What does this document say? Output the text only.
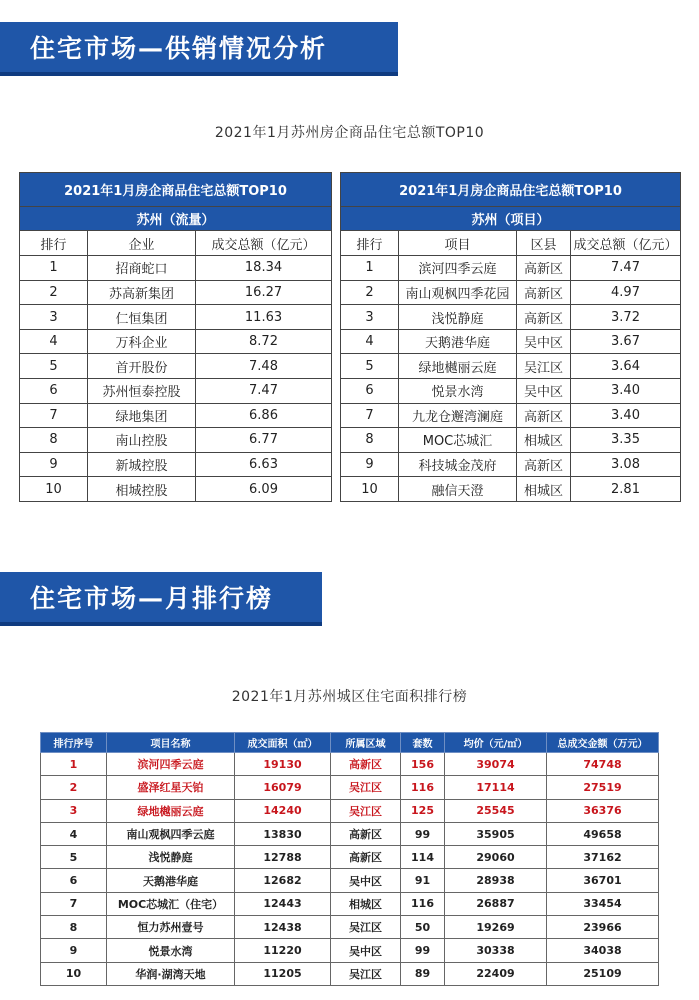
住宅市场—供销情况分析
2021年1月苏州房企商品住宅总额TOP10
2021年1月房企商品住宅总额TOP10		
苏州（流量）		
排行	企业	成交总额（亿元）
1	招商蛇口	18.34
2	苏高新集团	16.27
3	仁恒集团	11.63
4	万科企业	8.72
5	首开股份	7.48
6	苏州恒泰控股	7.47
7	绿地集团	6.86
8	南山控股	6.77
9	新城控股	6.63
10	相城控股	6.09
2021年1月房企商品住宅总额TOP10			
苏州（项目）			
排行	项目	区县	成交总额（亿元）
1	滨河四季云庭	高新区	7.47
2	南山观枫四季花园	高新区	4.97
3	浅悦静庭	高新区	3.72
4	天鹅港华庭	吴中区	3.67
5	绿地樾丽云庭	吴江区	3.64
6	悦景水湾	吴中区	3.40
7	九龙仓邂湾澜庭	高新区	3.40
8	MOC芯城汇	相城区	3.35
9	科技城金茂府	高新区	3.08
10	融信天澄	相城区	2.81
住宅市场—月排行榜
2021年1月苏州城区住宅面积排行榜
排行序号	项目名称	成交面积（㎡）	所属区域	套数	均价（元/㎡）	总成交金额（万元）
1	滨河四季云庭	19130	高新区	156	39074	74748
2	盛泽红星天铂	16079	吴江区	116	17114	27519
3	绿地樾丽云庭	14240	吴江区	125	25545	36376
4	南山观枫四季云庭	13830	高新区	99	35905	49658
5	浅悦静庭	12788	高新区	114	29060	37162
6	天鹅港华庭	12682	吴中区	91	28938	36701
7	MOC芯城汇（住宅）	12443	相城区	116	26887	33454
8	恒力苏州壹号	12438	吴江区	50	19269	23966
9	悦景水湾	11220	吴中区	99	30338	34038
10	华润·湖湾天地	11205	吴江区	89	22409	25109
